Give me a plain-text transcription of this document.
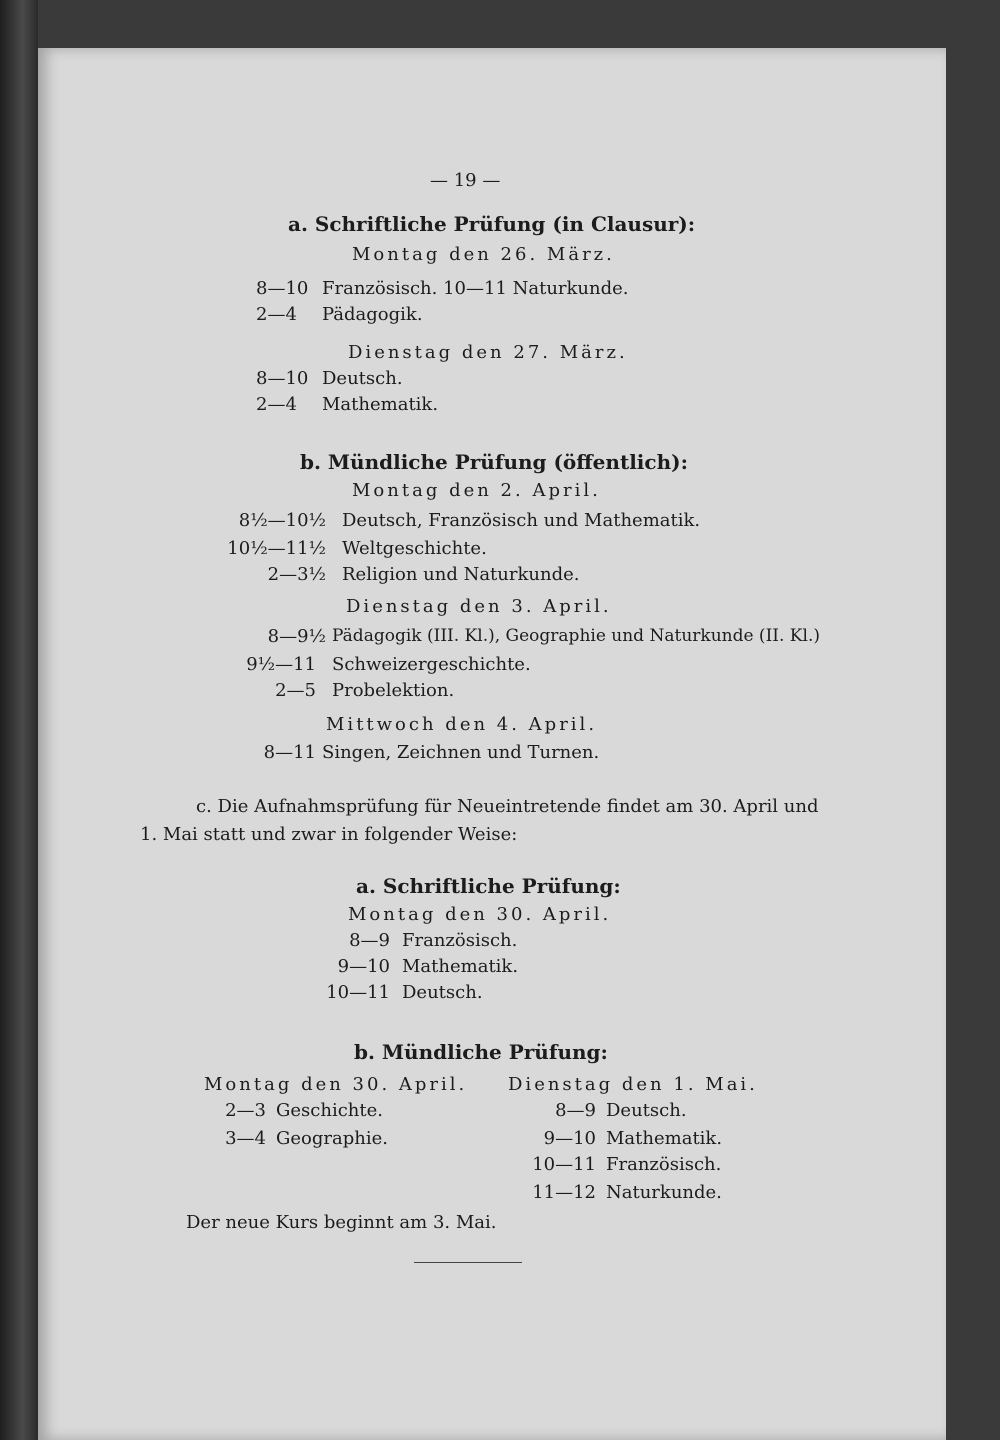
— 19 —
a. Schriftliche Prüfung (in Clausur):
Montag den 26. März.
8—10 Französisch. 10—11 Naturkunde.
2—4 Pädagogik.
Dienstag den 27. März.
8—10 Deutsch.
2—4 Mathematik.
b. Mündliche Prüfung (öffentlich):
Montag den 2. April.
8½—10½ Deutsch, Französisch und Mathematik.
10½—11½ Weltgeschichte.
2—3½ Religion und Naturkunde.
Dienstag den 3. April.
8—9½ Pädagogik (III. Kl.), Geographie und Naturkunde (II. Kl.)
9½—11 Schweizergeschichte.
2—5 Probelektion.
Mittwoch den 4. April.
8—11 Singen, Zeichnen und Turnen.
c. Die Aufnahmsprüfung für Neueintretende findet am 30. April und
1. Mai statt und zwar in folgender Weise:
a. Schriftliche Prüfung:
Montag den 30. April.
8—9 Französisch.
9—10 Mathematik.
10—11 Deutsch.
b. Mündliche Prüfung:
Montag den 30. April.
2—3 Geschichte.
3—4 Geographie.
Dienstag den 1. Mai.
8—9 Deutsch.
9—10 Mathematik.
10—11 Französisch.
11—12 Naturkunde.
Der neue Kurs beginnt am 3. Mai.
